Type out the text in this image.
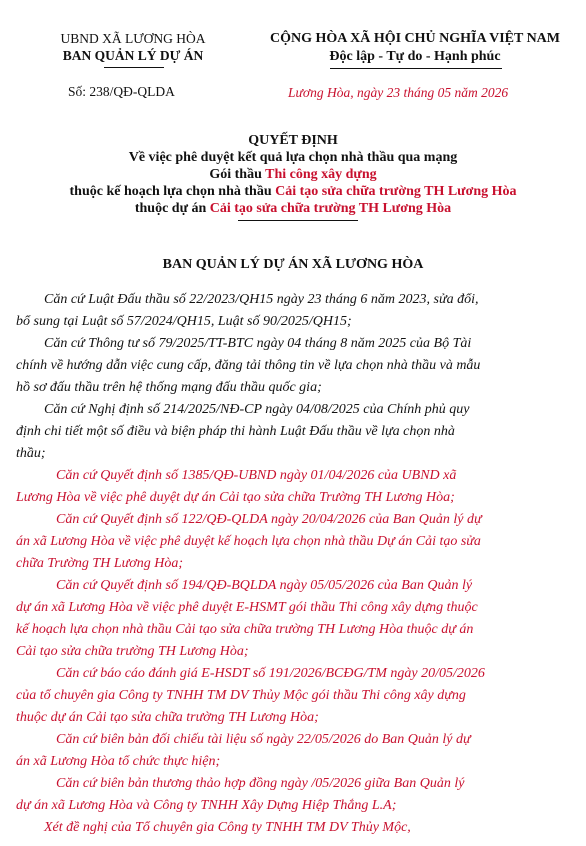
UBND XÃ LƯƠNG HÒA
BAN QUẢN LÝ DỰ ÁN
CỘNG HÒA XÃ HỘI CHỦ NGHĨA VIỆT NAM
Độc lập - Tự do - Hạnh phúc
Số: 238/QĐ-QLDA	Lương Hòa, ngày 23 tháng 05 năm 2026
QUYẾT ĐỊNH
Về việc phê duyệt kết quả lựa chọn nhà thầu qua mạng
Gói thầu Thi công xây dựng
thuộc kế hoạch lựa chọn nhà thầu Cải tạo sửa chữa trường TH Lương Hòa
thuộc dự án Cải tạo sửa chữa trường TH Lương Hòa
BAN QUẢN LÝ DỰ ÁN XÃ LƯƠNG HÒA
Căn cứ Luật Đấu thầu số 22/2023/QH15 ngày 23 tháng 6 năm 2023, sửa đổi,
bổ sung tại Luật số 57/2024/QH15, Luật số 90/2025/QH15;
Căn cứ Thông tư số 79/2025/TT-BTC ngày 04 tháng 8 năm 2025 của Bộ Tài
chính về hướng dẫn việc cung cấp, đăng tải thông tin về lựa chọn nhà thầu và mẫu
hồ sơ đấu thầu trên hệ thống mạng đấu thầu quốc gia;
Căn cứ Nghị định số 214/2025/NĐ-CP ngày 04/08/2025 của Chính phủ quy
định chi tiết một số điều và biện pháp thi hành Luật Đấu thầu về lựa chọn nhà
thầu;
Căn cứ Quyết định số 1385/QĐ-UBND ngày 01/04/2026 của UBND xã
Lương Hòa về việc phê duyệt dự án Cải tạo sửa chữa Trường TH Lương Hòa;
Căn cứ Quyết định số 122/QĐ-QLDA ngày 20/04/2026 của Ban Quản lý dự
án xã Lương Hòa về việc phê duyệt kế hoạch lựa chọn nhà thầu Dự án Cải tạo sửa
chữa Trường TH Lương Hòa;
Căn cứ Quyết định số 194/QĐ-BQLDA ngày 05/05/2026 của Ban Quản lý
dự án xã Lương Hòa về việc phê duyệt E-HSMT gói thầu Thi công xây dựng thuộc
kế hoạch lựa chọn nhà thầu Cải tạo sửa chữa trường TH Lương Hòa thuộc dự án
Cải tạo sửa chữa trường TH Lương Hòa;
Căn cứ báo cáo đánh giá E-HSDT số 191/2026/BCĐG/TM ngày 20/05/2026
của tổ chuyên gia Công ty TNHH TM DV Thủy Mộc gói thầu Thi công xây dựng
thuộc dự án Cải tạo sửa chữa trường TH Lương Hòa;
Căn cứ biên bản đối chiếu tài liệu số ngày 22/05/2026 do Ban Quản lý dự
án xã Lương Hòa tổ chức thực hiện;
Căn cứ biên bản thương thảo hợp đồng ngày /05/2026 giữa Ban Quản lý
dự án xã Lương Hòa và Công ty TNHH Xây Dựng Hiệp Thắng L.A;
Xét đề nghị của Tổ chuyên gia Công ty TNHH TM DV Thủy Mộc,
